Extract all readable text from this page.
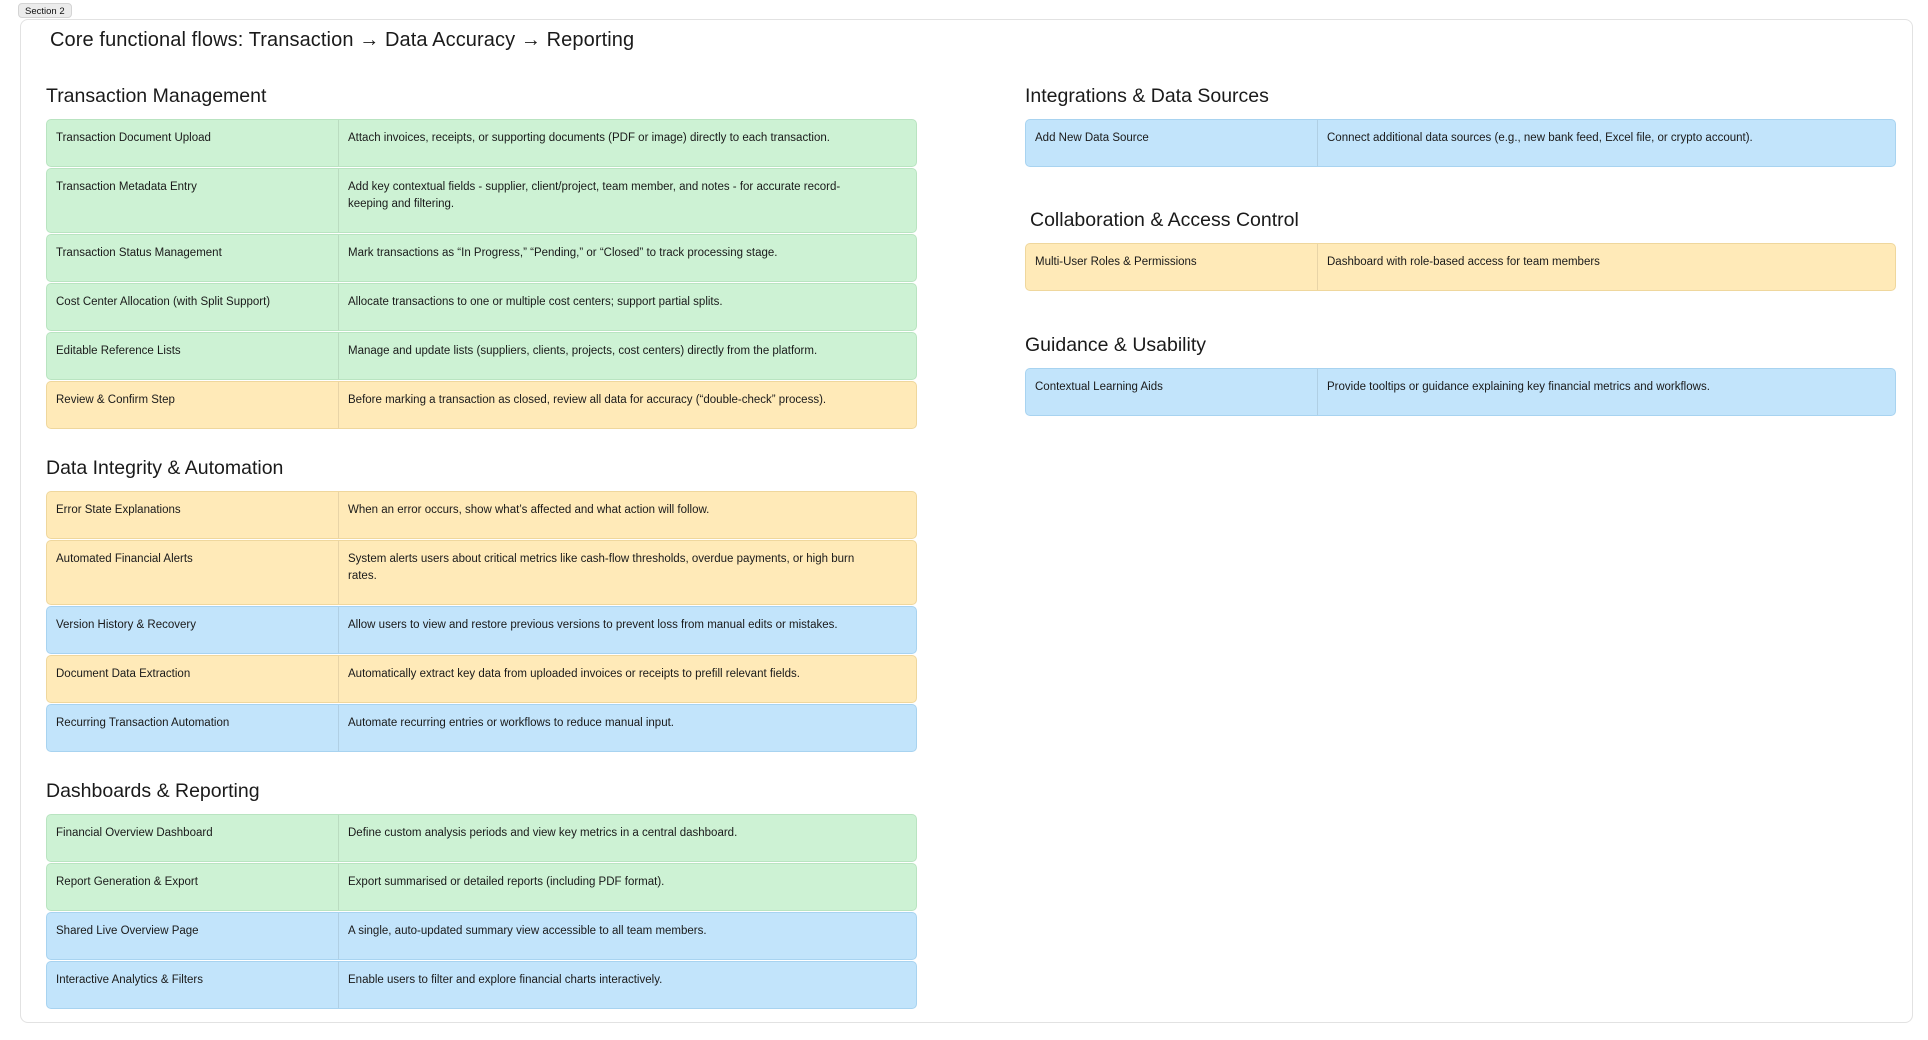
Section 2
Core functional flows: Transaction → Data Accuracy → Reporting
Transaction Management
Transaction Document Upload	Attach invoices, receipts, or supporting documents (PDF or image) directly to each transaction.
Transaction Metadata Entry	Add key contextual fields - supplier, client/project, team member, and notes - for accurate record-keeping and filtering.
Transaction Status Management	Mark transactions as “In Progress,” “Pending,” or “Closed” to track processing stage.
Cost Center Allocation (with Split Support)	Allocate transactions to one or multiple cost centers; support partial splits.
Editable Reference Lists	Manage and update lists (suppliers, clients, projects, cost centers) directly from the platform.
Review & Confirm Step	Before marking a transaction as closed, review all data for accuracy (“double-check” process).
Data Integrity & Automation
Error State Explanations	When an error occurs, show what’s affected and what action will follow.
Automated Financial Alerts	System alerts users about critical metrics like cash-flow thresholds, overdue payments, or high burn rates.
Version History & Recovery	Allow users to view and restore previous versions to prevent loss from manual edits or mistakes.
Document Data Extraction	Automatically extract key data from uploaded invoices or receipts to prefill relevant fields.
Recurring Transaction Automation	Automate recurring entries or workflows to reduce manual input.
Dashboards & Reporting
Financial Overview Dashboard	Define custom analysis periods and view key metrics in a central dashboard.
Report Generation & Export	Export summarised or detailed reports (including PDF format).
Shared Live Overview Page	A single, auto-updated summary view accessible to all team members.
Interactive Analytics & Filters	Enable users to filter and explore financial charts interactively.
Integrations & Data Sources
Add New Data Source	Connect additional data sources (e.g., new bank feed, Excel file, or crypto account).
Collaboration & Access Control
Multi-User Roles & Permissions	Dashboard with role-based access for team members
Guidance & Usability
Contextual Learning Aids	Provide tooltips or guidance explaining key financial metrics and workflows.
